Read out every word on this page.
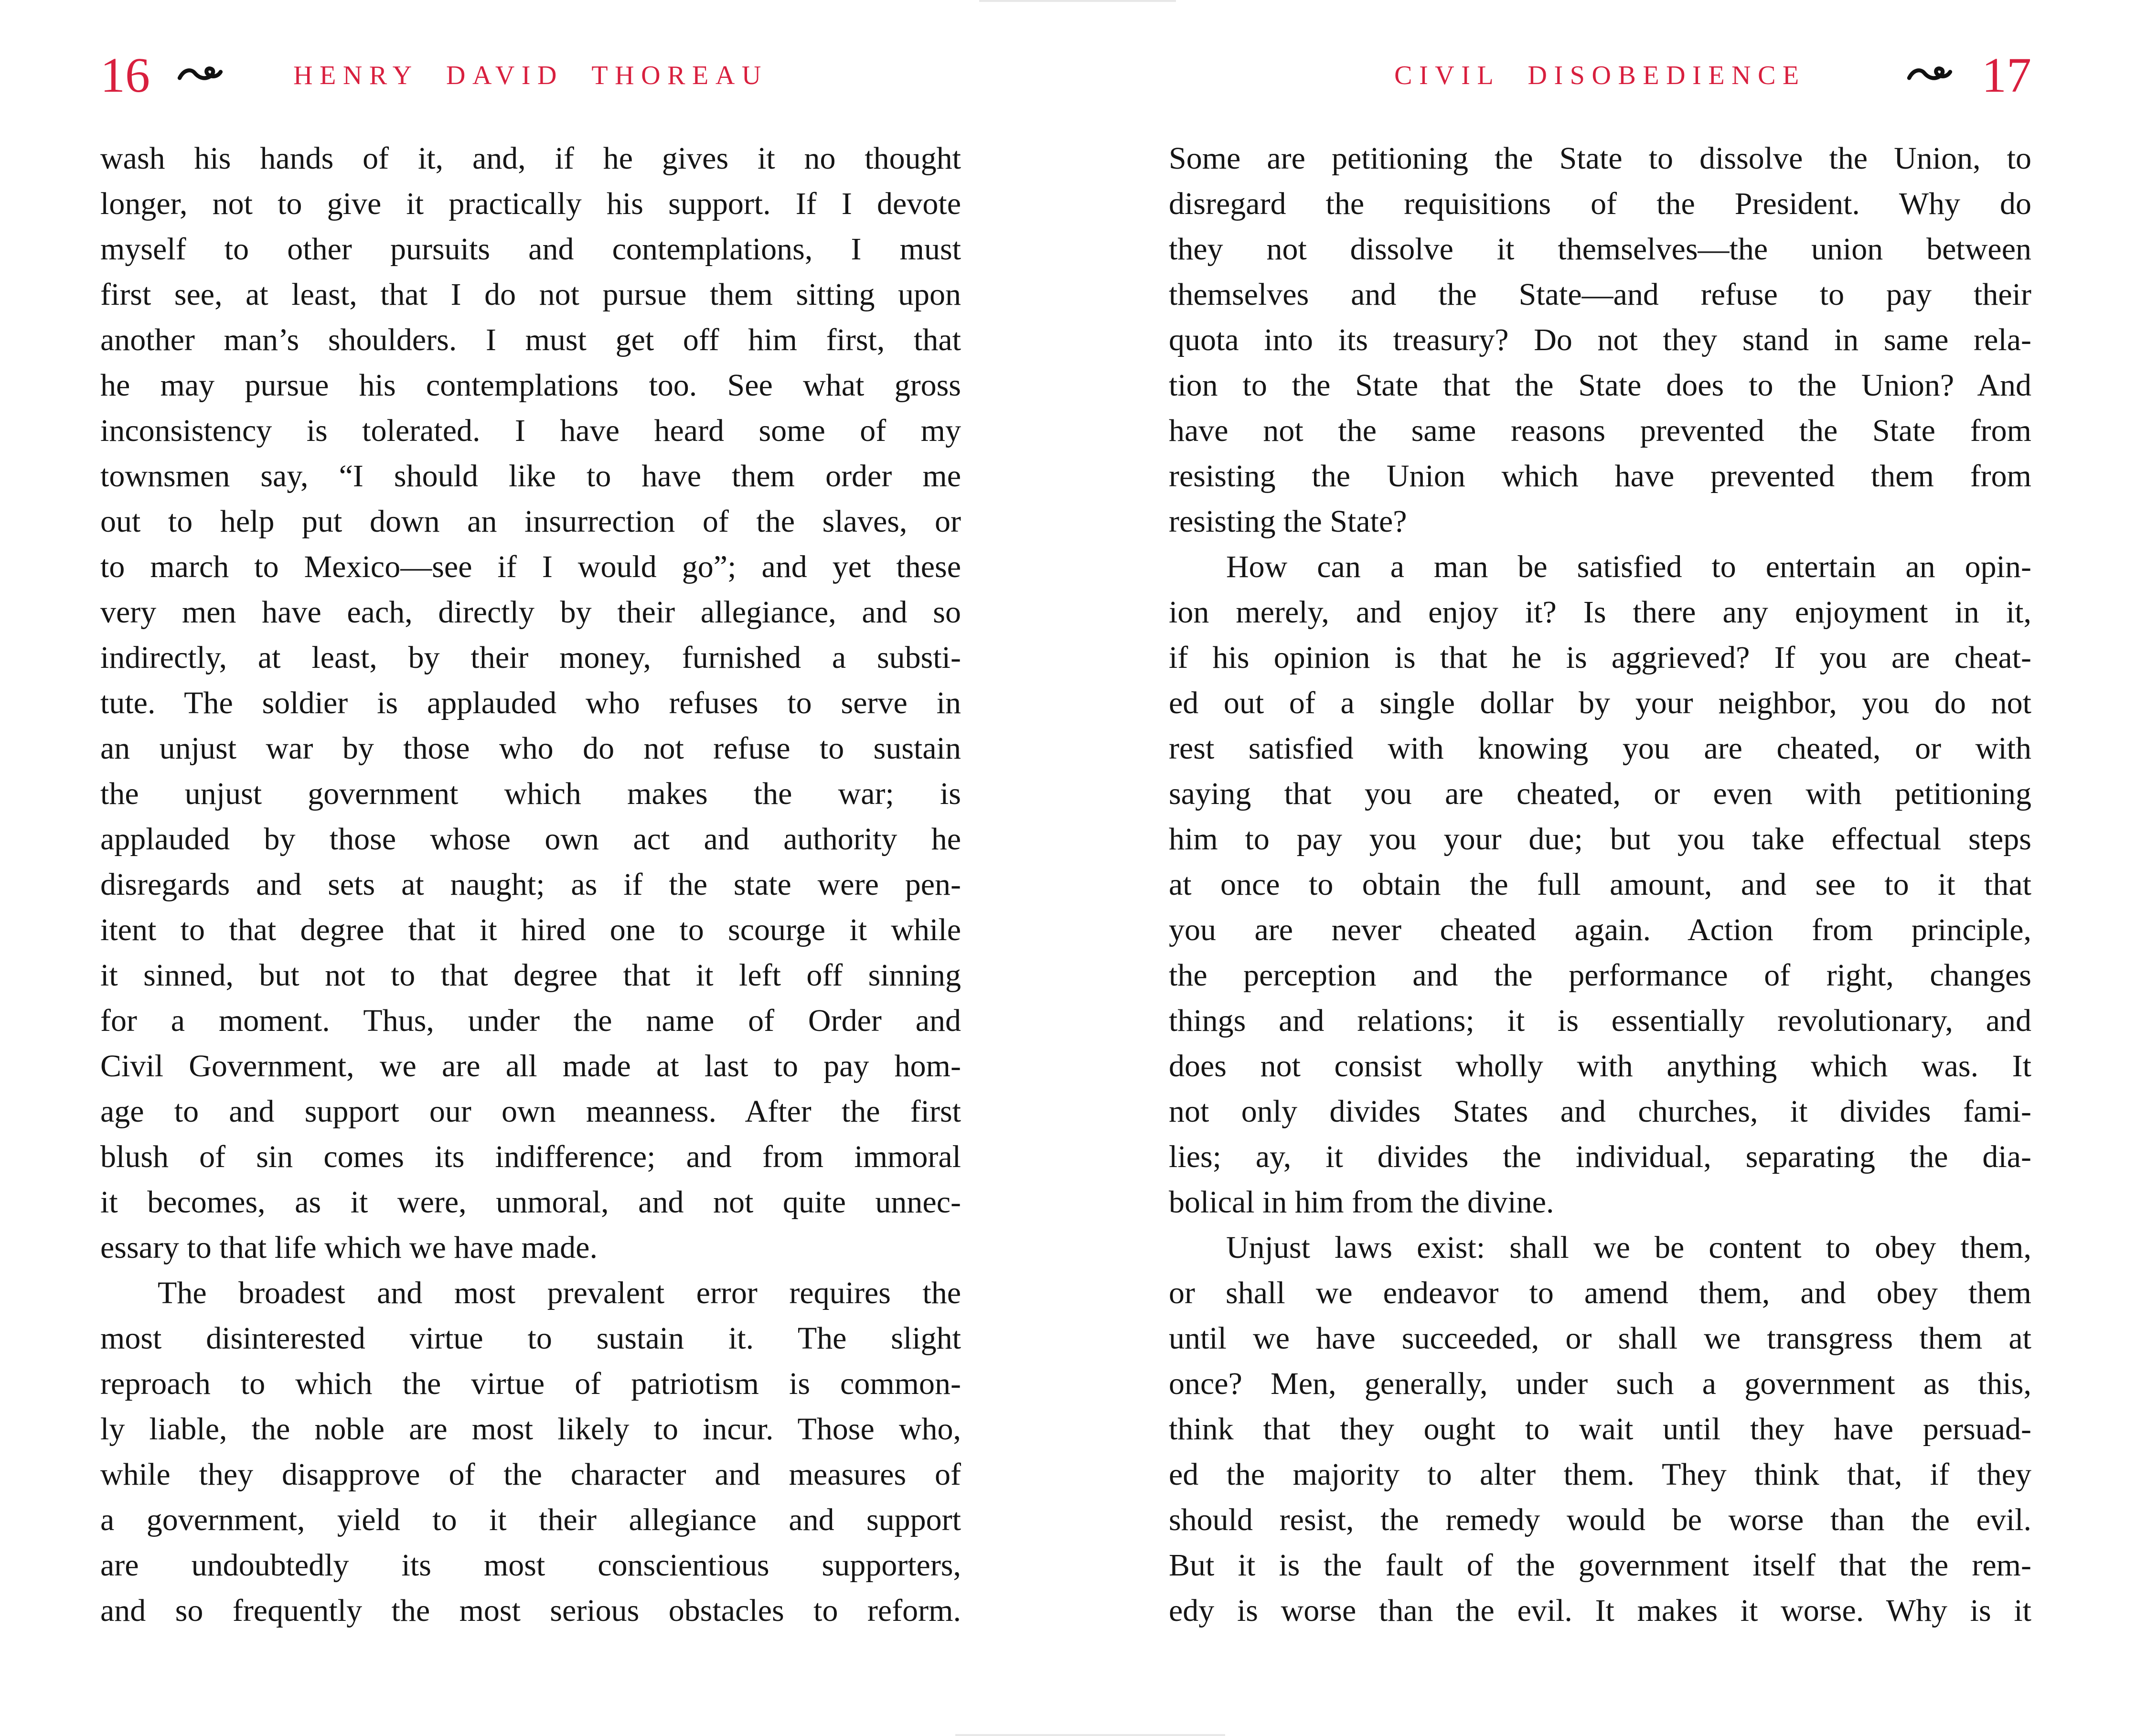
16	HENRY DAVID THOREAU
wash his hands of it, and, if he gives it no thought
longer, not to give it practically his support. If I devote
myself to other pursuits and contemplations, I must
first see, at least, that I do not pursue them sitting upon
another man’s shoulders. I must get off him first, that
he may pursue his contemplations too. See what gross
inconsistency is tolerated. I have heard some of my
townsmen say, “I should like to have them order me
out to help put down an insurrection of the slaves, or
to march to Mexico—see if I would go”; and yet these
very men have each, directly by their allegiance, and so
indirectly, at least, by their money, furnished a substi-
tute. The soldier is applauded who refuses to serve in
an unjust war by those who do not refuse to sustain
the unjust government which makes the war; is
applauded by those whose own act and authority he
disregards and sets at naught; as if the state were pen-
itent to that degree that it hired one to scourge it while
it sinned, but not to that degree that it left off sinning
for a moment. Thus, under the name of Order and
Civil Government, we are all made at last to pay hom-
age to and support our own meanness. After the first
blush of sin comes its indifference; and from immoral
it becomes, as it were, unmoral, and not quite unnec-
essary to that life which we have made.
The broadest and most prevalent error requires the
most disinterested virtue to sustain it. The slight
reproach to which the virtue of patriotism is common-
ly liable, the noble are most likely to incur. Those who,
while they disapprove of the character and measures of
a government, yield to it their allegiance and support
are undoubtedly its most conscientious supporters,
and so frequently the most serious obstacles to reform.
CIVIL DISOBEDIENCE	17
Some are petitioning the State to dissolve the Union, to
disregard the requisitions of the President. Why do
they not dissolve it themselves—the union between
themselves and the State—and refuse to pay their
quota into its treasury? Do not they stand in same rela-
tion to the State that the State does to the Union? And
have not the same reasons prevented the State from
resisting the Union which have prevented them from
resisting the State?
How can a man be satisfied to entertain an opin-
ion merely, and enjoy it? Is there any enjoyment in it,
if his opinion is that he is aggrieved? If you are cheat-
ed out of a single dollar by your neighbor, you do not
rest satisfied with knowing you are cheated, or with
saying that you are cheated, or even with petitioning
him to pay you your due; but you take effectual steps
at once to obtain the full amount, and see to it that
you are never cheated again. Action from principle,
the perception and the performance of right, changes
things and relations; it is essentially revolutionary, and
does not consist wholly with anything which was. It
not only divides States and churches, it divides fami-
lies; ay, it divides the individual, separating the dia-
bolical in him from the divine.
Unjust laws exist: shall we be content to obey them,
or shall we endeavor to amend them, and obey them
until we have succeeded, or shall we transgress them at
once? Men, generally, under such a government as this,
think that they ought to wait until they have persuad-
ed the majority to alter them. They think that, if they
should resist, the remedy would be worse than the evil.
But it is the fault of the government itself that the rem-
edy is worse than the evil. It makes it worse. Why is it
